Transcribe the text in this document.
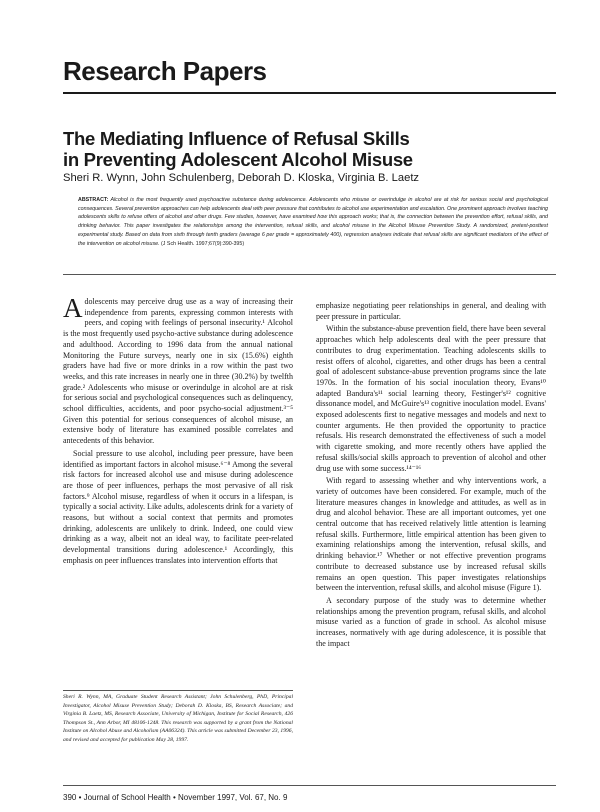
Research Papers
The Mediating Influence of Refusal Skills
in Preventing Adolescent Alcohol Misuse

Sheri R. Wynn, John Schulenberg, Deborah D. Kloska, Virginia B. Laetz

ABSTRACT: Alcohol is the most frequently used psychoactive substance during adolescence. Adolescents who misuse or overindulge in alcohol are at risk for serious social and psychological consequences. Several prevention approaches can help adolescents deal with peer pressure that contributes to alcohol use experimentation and escalation. One prominent approach involves teaching adolescents skills to refuse offers of alcohol and other drugs. Few studies, however, have examined how this approach works; that is, the connection between the prevention effort, refusal skills, and drinking behavior. This paper investigates the relationships among the intervention, refusal skills, and alcohol misuse in the Alcohol Misuse Prevention Study. A randomized, pretest-posttest experimental study. Based on data from sixth through tenth graders (average 6 per grade = approximately 400), regression analyses indicate that refusal skills are significant mediators of the effect of the intervention on alcohol misuse. (J Sch Health. 1997;67(9):390-395)

Adolescents may perceive drug use as a way of increasing their independence from parents, expressing common interests with peers, and coping with feelings of personal insecurity.¹ Alcohol is the most frequently used psycho-active substance during adolescence and adulthood. According to 1996 data from the annual national Monitoring the Future surveys, nearly one in six (15.6%) eighth graders have had five or more drinks in a row within the past two weeks, and this rate increases in nearly one in three (30.2%) by twelfth grade.² Adolescents who misuse or overindulge in alcohol are at risk for serious social and psychological consequences such as delinquency, school difficulties, accidents, and poor psycho-social adjustment.³⁻⁵ Given this potential for serious consequences of alcohol misuse, an extensive body of literature has examined possible correlates and antecedents of this behavior.

Social pressure to use alcohol, including peer pressure, have been identified as important factors in alcohol misuse.⁶⁻⁸ Among the several risk factors for increased alcohol use and misuse during adolescence are those of peer influences, perhaps the most pervasive of all risk factors.⁹ Alcohol misuse, regardless of when it occurs in a lifespan, is typically a social activity. Like adults, adolescents drink for a variety of reasons, but without a social context that permits and promotes drinking, adolescents are unlikely to drink. Indeed, one could view drinking as a way, albeit not an ideal way, to facilitate peer-related developmental transitions during adolescence.¹ Accordingly, this emphasis on peer influences translates into intervention efforts that

emphasize negotiating peer relationships in general, and dealing with peer pressure in particular.

Within the substance-abuse prevention field, there have been several approaches which help adolescents deal with the peer pressure that contributes to drug experimentation. Teaching adolescents skills to resist offers of alcohol, cigarettes, and other drugs has been a central goal of adolescent substance-abuse prevention programs since the late 1970s. In the formation of his social inoculation theory, Evans¹⁰ adapted Bandura's¹¹ social learning theory, Festinger's¹² cognitive dissonance model, and McGuire's¹³ cognitive inoculation model. Evans' exposed adolescents first to negative messages and models and next to counter arguments. He then provided the opportunity to practice refusals. His research demonstrated the effectiveness of such a model with cigarette smoking, and more recently others have applied the refusal skills/social skills approach to prevention of alcohol and other drug use with some success.¹⁴⁻¹⁶

With regard to assessing whether and why interventions work, a variety of outcomes have been considered. For example, much of the literature measures changes in knowledge and attitudes, as well as in drug and alcohol behavior. These are all important outcomes, yet one central outcome that has received relatively little attention is learning refusal skills. Furthermore, little empirical attention has been given to examining relationships among the intervention, refusal skills, and drinking behavior.¹⁷ Whether or not effective prevention programs contribute to decreased substance use by increased refusal skills remains an open question. This paper investigates relationships between the intervention, refusal skills, and alcohol misuse (Figure 1).

A secondary purpose of the study was to determine whether relationships among the prevention program, refusal skills, and alcohol misuse varied as a function of grade in school. As alcohol misuse increases, normatively with age during adolescence, it is possible that the impact

Sheri R. Wynn, MA, Graduate Student Research Assistant; John Schulenberg, PhD, Principal Investigator, Alcohol Misuse Prevention Study; Deborah D. Kloska, BS, Research Associate; and Virginia B. Laetz, MS, Research Associate, University of Michigan, Institute for Social Research, 426 Thompson St., Ann Arbor, MI 48106-1248. This research was supported by a grant from the National Institute on Alcohol Abuse and Alcoholism (AA06324). This article was submitted December 23, 1996, and revised and accepted for publication May 28, 1997.

390 • Journal of School Health • November 1997, Vol. 67, No. 9
